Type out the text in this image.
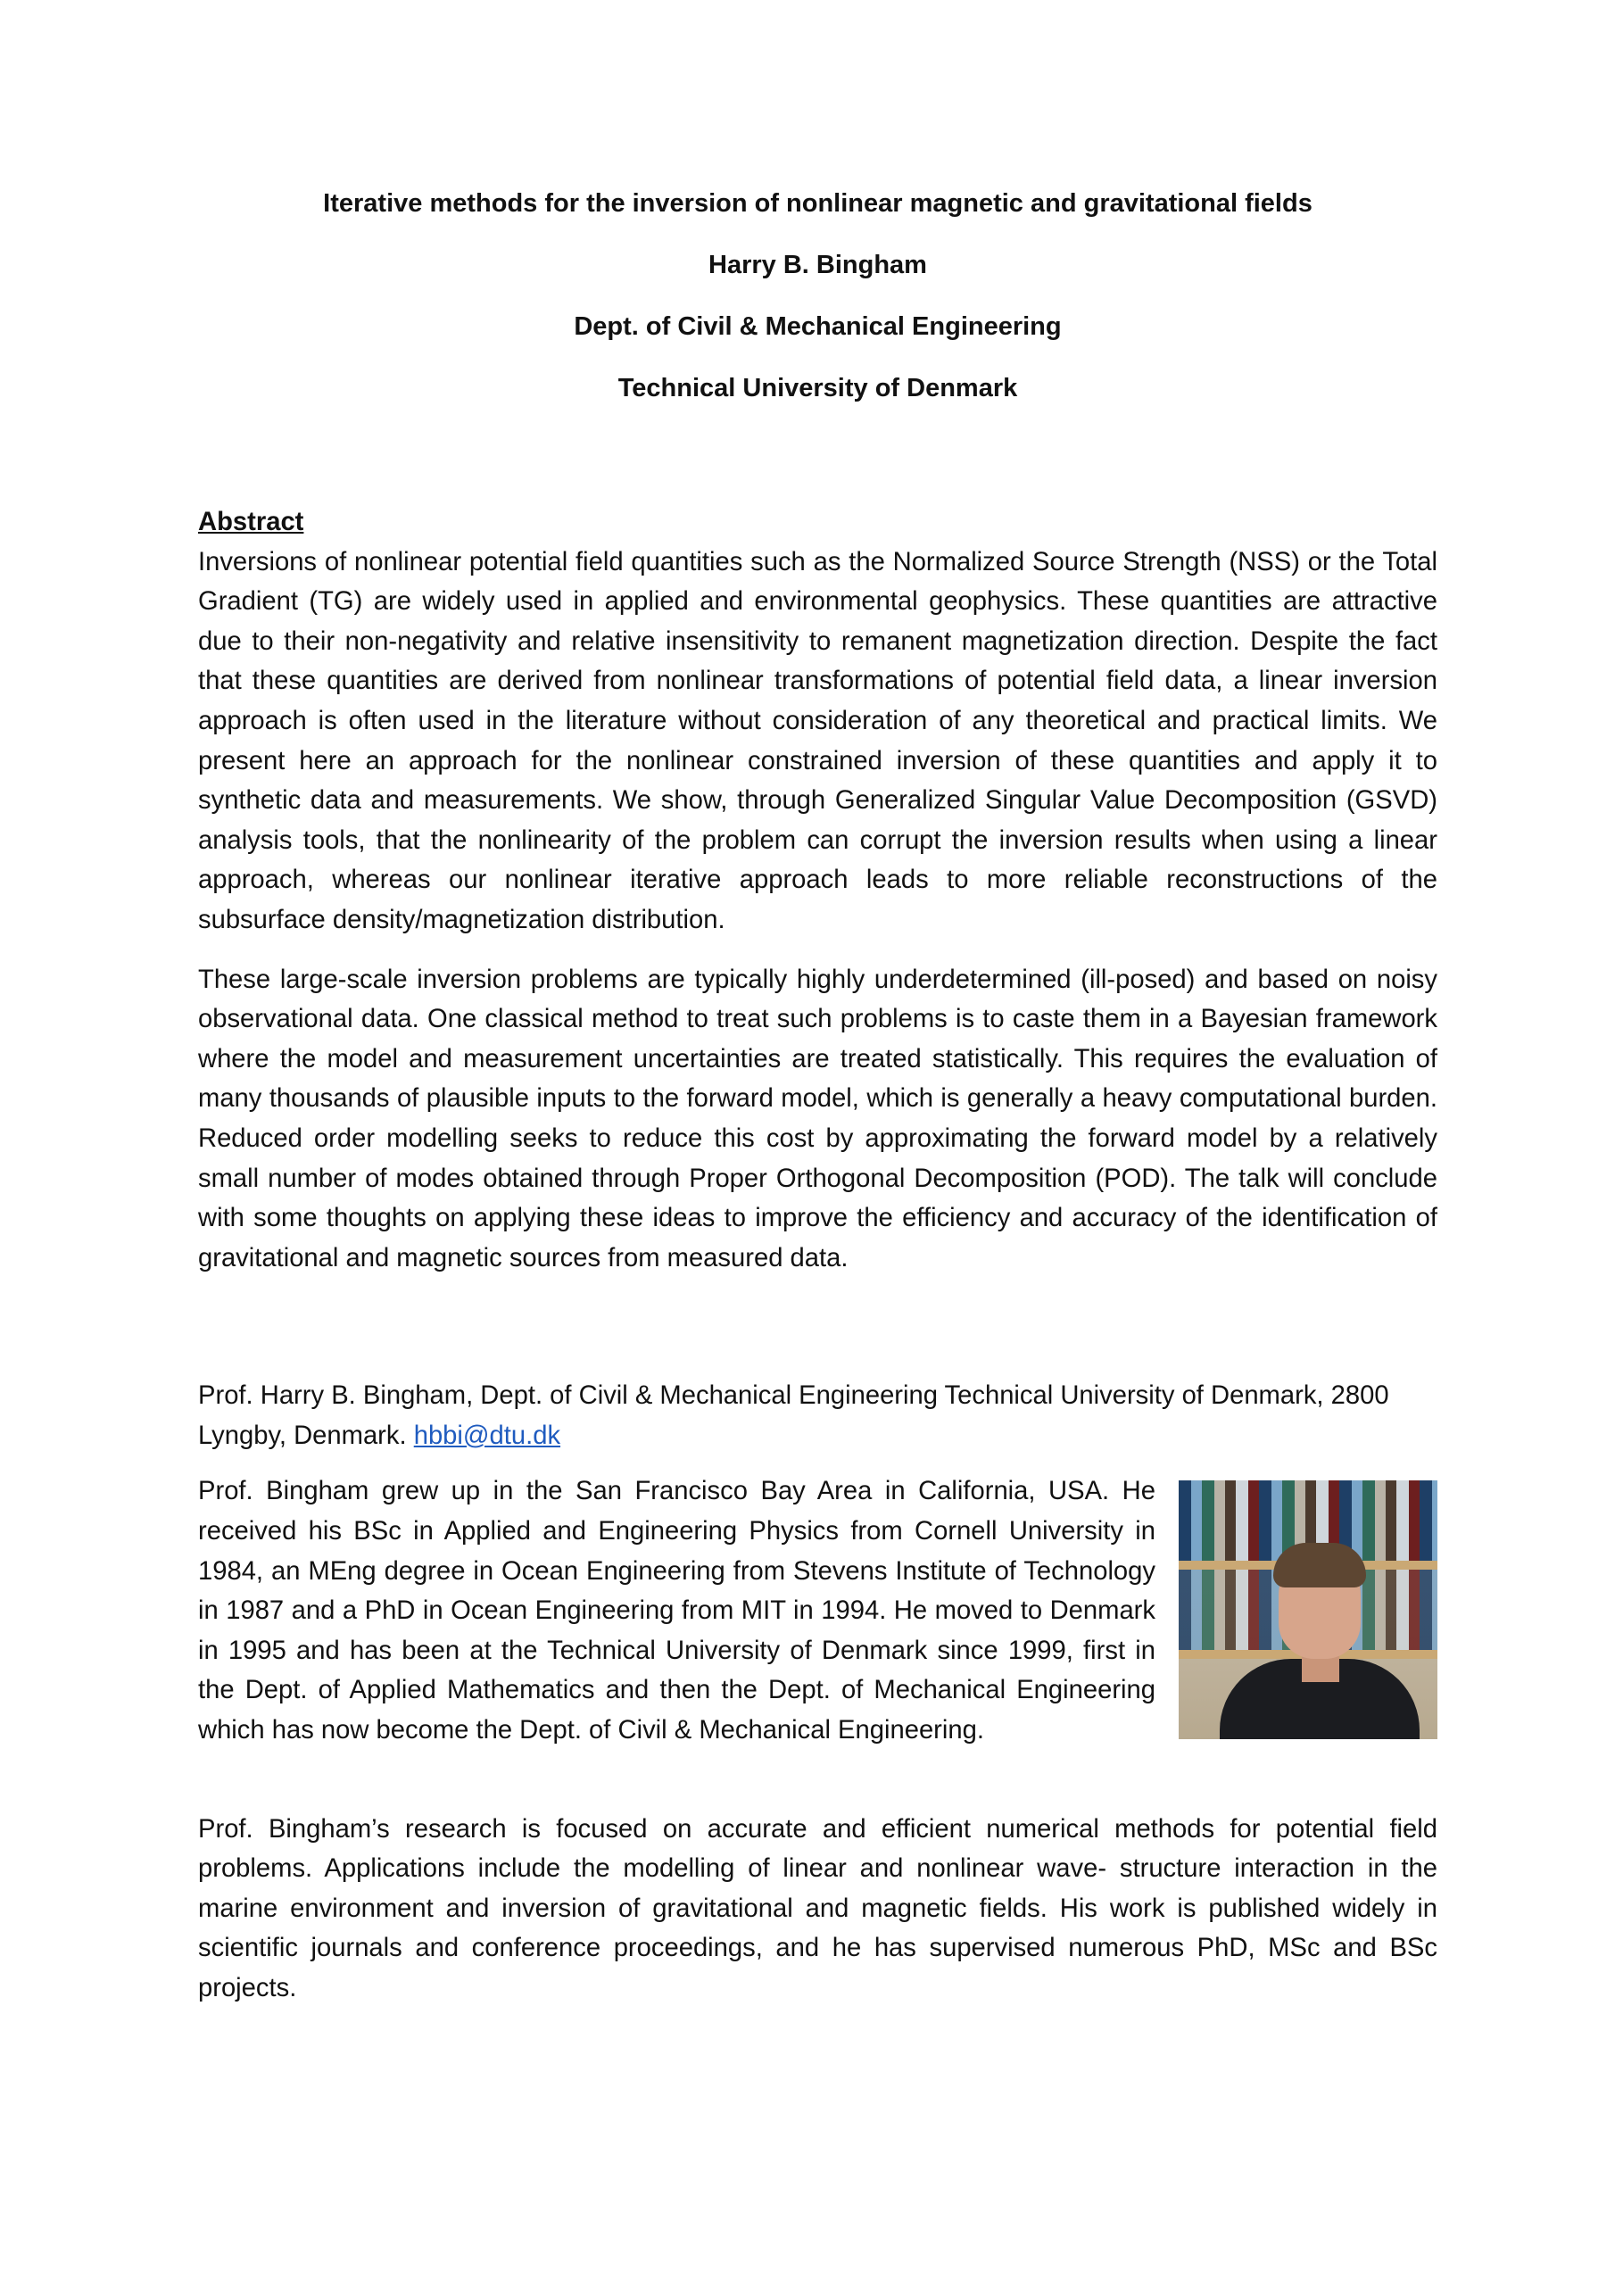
Iterative methods for the inversion of nonlinear magnetic and gravitational fields
Harry B. Bingham
Dept. of Civil & Mechanical Engineering
Technical University of Denmark

Abstract

Inversions of nonlinear potential field quantities such as the Normalized Source Strength (NSS) or the Total Gradient (TG) are widely used in applied and environmental geophysics. These quantities are attractive due to their non-negativity and relative insensitivity to remanent magnetization direction. Despite the fact that these quantities are derived from nonlinear transformations of potential field data, a linear inversion approach is often used in the literature without consideration of any theoretical and practical limits. We present here an approach for the nonlinear constrained inversion of these quantities and apply it to synthetic data and measurements. We show, through Generalized Singular Value Decomposition (GSVD) analysis tools, that the nonlinearity of the problem can corrupt the inversion results when using a linear approach, whereas our nonlinear iterative approach leads to more reliable reconstructions of the subsurface density/magnetization distribution.

These large-scale inversion problems are typically highly underdetermined (ill-posed) and based on noisy observational data. One classical method to treat such problems is to caste them in a Bayesian framework where the model and measurement uncertainties are treated statistically. This requires the evaluation of many thousands of plausible inputs to the forward model, which is generally a heavy computational burden. Reduced order modelling seeks to reduce this cost by approximating the forward model by a relatively small number of modes obtained through Proper Orthogonal Decomposition (POD). The talk will conclude with some thoughts on applying these ideas to improve the efficiency and accuracy of the identification of gravitational and magnetic sources from measured data.

Prof. Harry B. Bingham, Dept. of Civil & Mechanical Engineering Technical University of Denmark, 2800 Lyngby, Denmark. hbbi@dtu.dk

Prof. Bingham grew up in the San Francisco Bay Area in California, USA. He received his BSc in Applied and Engineering Physics from Cornell University in 1984, an MEng degree in Ocean Engineering from Stevens Institute of Technology in 1987 and a PhD in Ocean Engineering from MIT in 1994. He moved to Denmark in 1995 and has been at the Technical University of Denmark since 1999, first in the Dept. of Applied Mathematics and then the Dept. of Mechanical Engineering which has now become the Dept. of Civil & Mechanical Engineering.

Prof. Bingham’s research is focused on accurate and efficient numerical methods for potential field problems. Applications include the modelling of linear and nonlinear wave- structure interaction in the marine environment and inversion of gravitational and magnetic fields. His work is published widely in scientific journals and conference proceedings, and he has supervised numerous PhD, MSc and BSc projects.
